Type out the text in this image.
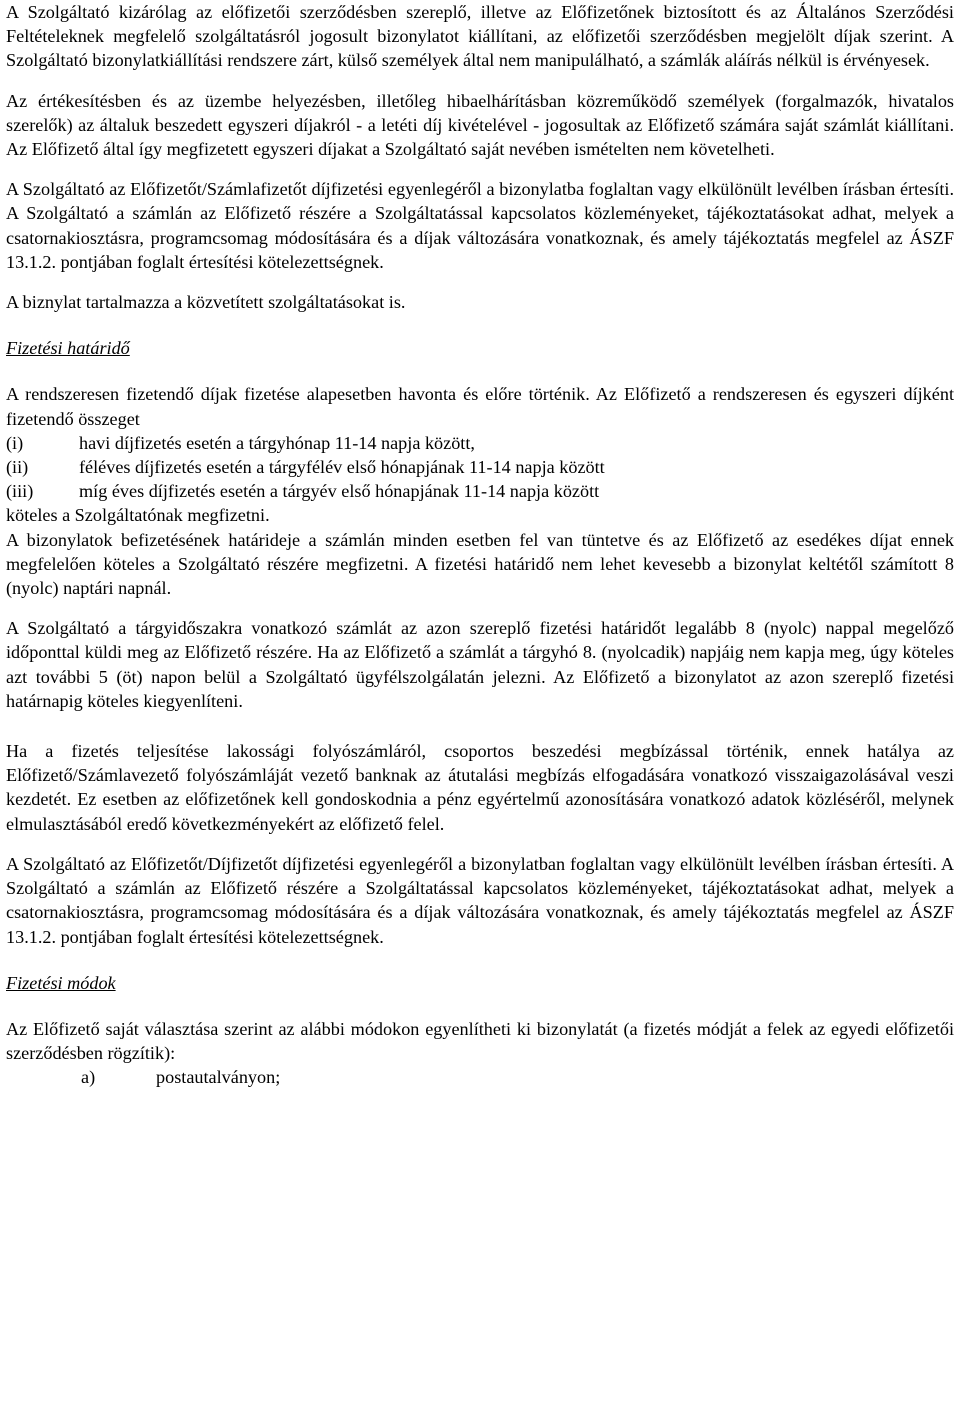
A Szolgáltató kizárólag az előfizetői szerződésben szereplő, illetve az Előfizetőnek biztosított és az Általános Szerződési Feltételeknek megfelelő szolgáltatásról jogosult bizonylatot kiállítani, az előfizetői szerződésben megjelölt díjak szerint. A Szolgáltató bizonylatkiállítási rendszere zárt, külső személyek által nem manipulálható, a számlák aláírás nélkül is érvényesek.

Az értékesítésben és az üzembe helyezésben, illetőleg hibaelhárításban közreműködő személyek (forgalmazók, hivatalos szerelők) az általuk beszedett egyszeri díjakról - a letéti díj kivételével - jogosultak az Előfizető számára saját számlát kiállítani. Az Előfizető által így megfizetett egyszeri díjakat a Szolgáltató saját nevében ismételten nem követelheti.

A Szolgáltató az Előfizetőt/Számlafizetőt díjfizetési egyenlegéről a bizonylatba foglaltan vagy elkülönült levélben írásban értesíti. A Szolgáltató a számlán az Előfizető részére a Szolgáltatással kapcsolatos közleményeket, tájékoztatásokat adhat, melyek a csatornakiosztásra, programcsomag módosítására és a díjak változására vonatkoznak, és amely tájékoztatás megfelel az ÁSZF 13.1.2. pontjában foglalt értesítési kötelezettségnek.

A biznylat tartalmazza a közvetített szolgáltatásokat is.

Fizetési határidő

A rendszeresen fizetendő díjak fizetése alapesetben havonta és előre történik. Az Előfizető a rendszeresen és egyszeri díjként fizetendő összeget

(i)	havi díjfizetés esetén a tárgyhónap 11-14 napja között,
(ii)	féléves díjfizetés esetén a tárgyfélév első hónapjának 11-14 napja között
(iii)	míg éves díjfizetés esetén a tárgyév első hónapjának 11-14 napja között

köteles a Szolgáltatónak megfizetni.

A bizonylatok befizetésének határideje a számlán minden esetben fel van tüntetve és az Előfizető az esedékes díjat ennek megfelelően köteles a Szolgáltató részére megfizetni. A fizetési határidő nem lehet kevesebb a bizonylat keltétől számított 8 (nyolc) naptári napnál.

A Szolgáltató a tárgyidőszakra vonatkozó számlát az azon szereplő fizetési határidőt legalább 8 (nyolc) nappal megelőző időponttal küldi meg az Előfizető részére. Ha az Előfizető a számlát a tárgyhó 8. (nyolcadik) napjáig nem kapja meg, úgy köteles azt további 5 (öt) napon belül a Szolgáltató ügyfélszolgálatán jelezni. Az Előfizető a bizonylatot az azon szereplő fizetési határnapig köteles kiegyenlíteni.

Ha a fizetés teljesítése lakossági folyószámláról, csoportos beszedési megbízással történik, ennek hatálya az Előfizető/Számlavezető folyószámláját vezető banknak az átutalási megbízás elfogadására vonatkozó visszaigazolásával veszi kezdetét. Ez esetben az előfizetőnek kell gondoskodnia a pénz egyértelmű azonosítására vonatkozó adatok közléséről, melynek elmulasztásából eredő következményekért az előfizető felel.

A Szolgáltató az Előfizetőt/Díjfizetőt díjfizetési egyenlegéről a bizonylatban foglaltan vagy elkülönült levélben írásban értesíti. A Szolgáltató a számlán az Előfizető részére a Szolgáltatással kapcsolatos közleményeket, tájékoztatásokat adhat, melyek a csatornakiosztásra, programcsomag módosítására és a díjak változására vonatkoznak, és amely tájékoztatás megfelel az ÁSZF 13.1.2. pontjában foglalt értesítési kötelezettségnek.

Fizetési módok

Az Előfizető saját választása szerint az alábbi módokon egyenlítheti ki bizonylatát (a fizetés módját a felek az egyedi előfizetői szerződésben rögzítik):

a)	postautalványon;
